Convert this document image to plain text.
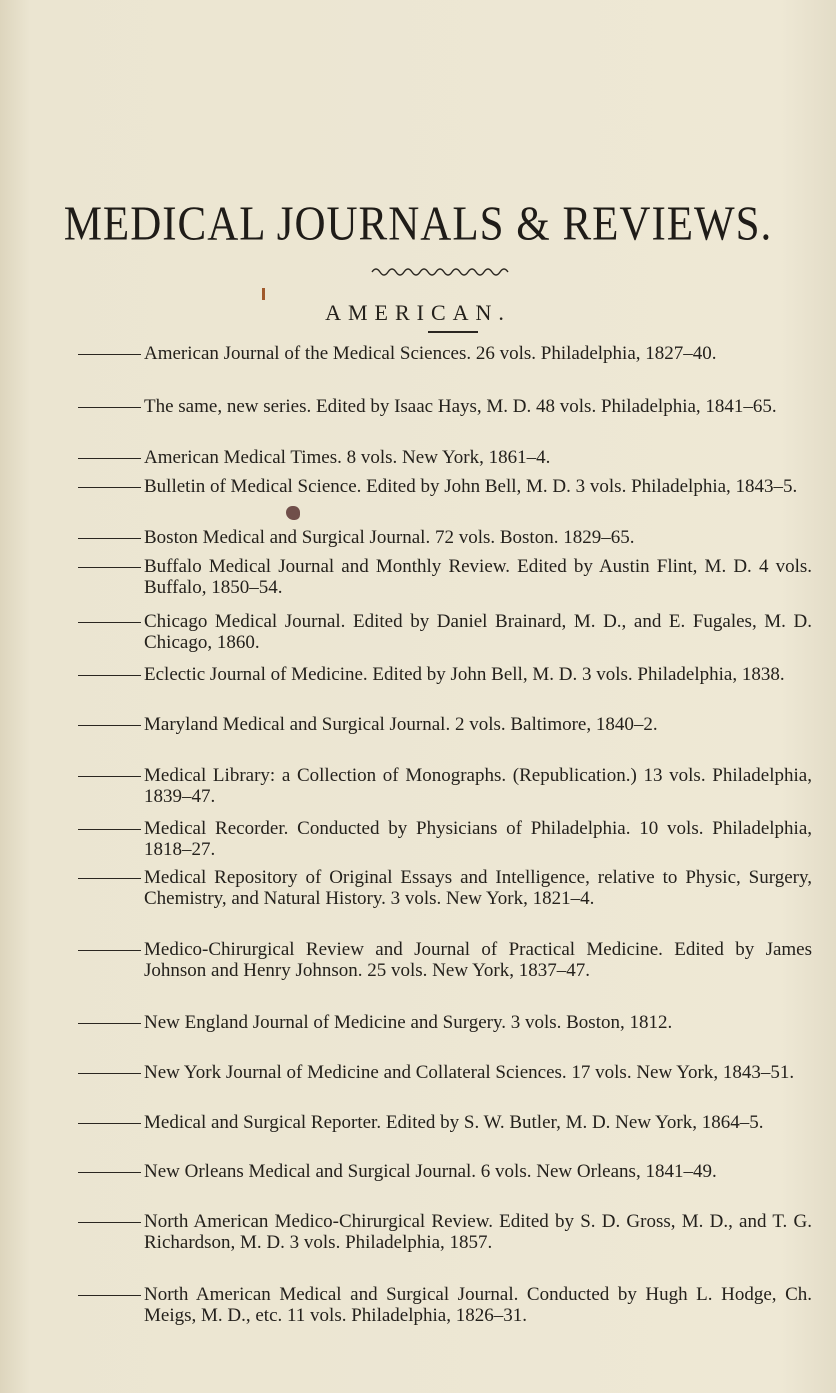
MEDICAL JOURNALS & REVIEWS.
AMERICAN.
American Journal of the Medical Sciences. 26 vols. Philadelphia, 1827–40.
The same, new series. Edited by Isaac Hays, M. D. 48 vols. Philadelphia, 1841–65.
American Medical Times. 8 vols. New York, 1861–4.
Bulletin of Medical Science. Edited by John Bell, M. D. 3 vols. Philadelphia, 1843–5.
Boston Medical and Surgical Journal. 72 vols. Boston. 1829–65.
Buffalo Medical Journal and Monthly Review. Edited by Austin Flint, M. D. 4 vols. Buffalo, 1850–54.
Chicago Medical Journal. Edited by Daniel Brainard, M. D., and E. Fugales, M. D. Chicago, 1860.
Eclectic Journal of Medicine. Edited by John Bell, M. D. 3 vols. Philadelphia, 1838.
Maryland Medical and Surgical Journal. 2 vols. Baltimore, 1840–2.
Medical Library: a Collection of Monographs. (Republication.) 13 vols. Philadelphia, 1839–47.
Medical Recorder. Conducted by Physicians of Philadelphia. 10 vols. Philadelphia, 1818–27.
Medical Repository of Original Essays and Intelligence, relative to Physic, Surgery, Chemistry, and Natural History. 3 vols. New York, 1821–4.
Medico-Chirurgical Review and Journal of Practical Medicine. Edited by James Johnson and Henry Johnson. 25 vols. New York, 1837–47.
New England Journal of Medicine and Surgery. 3 vols. Boston, 1812.
New York Journal of Medicine and Collateral Sciences. 17 vols. New York, 1843–51.
Medical and Surgical Reporter. Edited by S. W. Butler, M. D. New York, 1864–5.
New Orleans Medical and Surgical Journal. 6 vols. New Orleans, 1841–49.
North American Medico-Chirurgical Review. Edited by S. D. Gross, M. D., and T. G. Richardson, M. D. 3 vols. Philadelphia, 1857.
North American Medical and Surgical Journal. Conducted by Hugh L. Hodge, Ch. Meigs, M. D., etc. 11 vols. Philadelphia, 1826–31.
